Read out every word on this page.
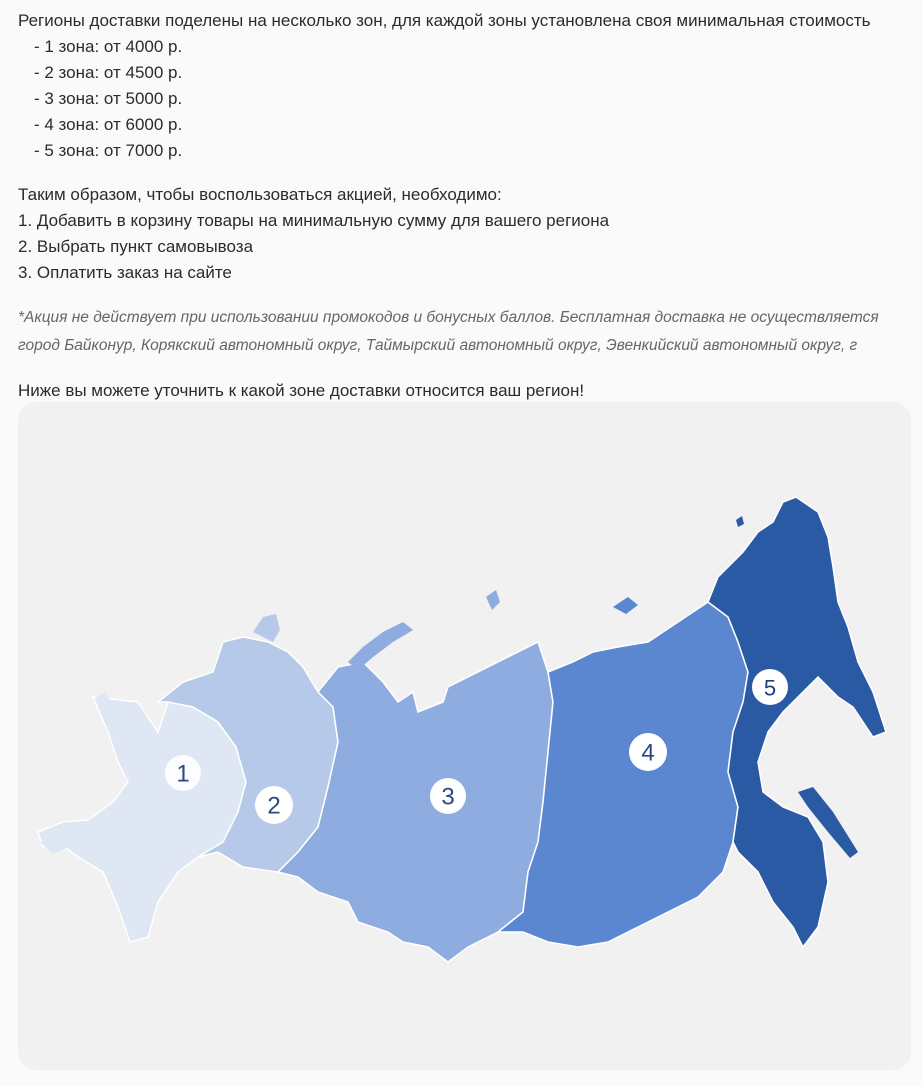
Регионы доставки поделены на несколько зон, для каждой зоны установлена своя минимальная стоимость

- 1 зона: от 4000 р.

- 2 зона: от 4500 р.

- 3 зона: от 5000 р.

- 4 зона: от 6000 р.

- 5 зона: от 7000 р.

Таким образом, чтобы воспользоваться акцией, необходимо:

1. Добавить в корзину товары на минимальную сумму для вашего региона

2. Выбрать пункт самовывоза

3. Оплатить заказ на сайте

*Акция не действует при использовании промокодов и бонусных баллов. Бесплатная доставка не осуществляется

город Байконур, Корякский автономный округ, Таймырский автономный округ, Эвенкийский автономный округ, г

Ниже вы можете уточнить к какой зоне доставки относится ваш регион!

1
2	3
4
5
